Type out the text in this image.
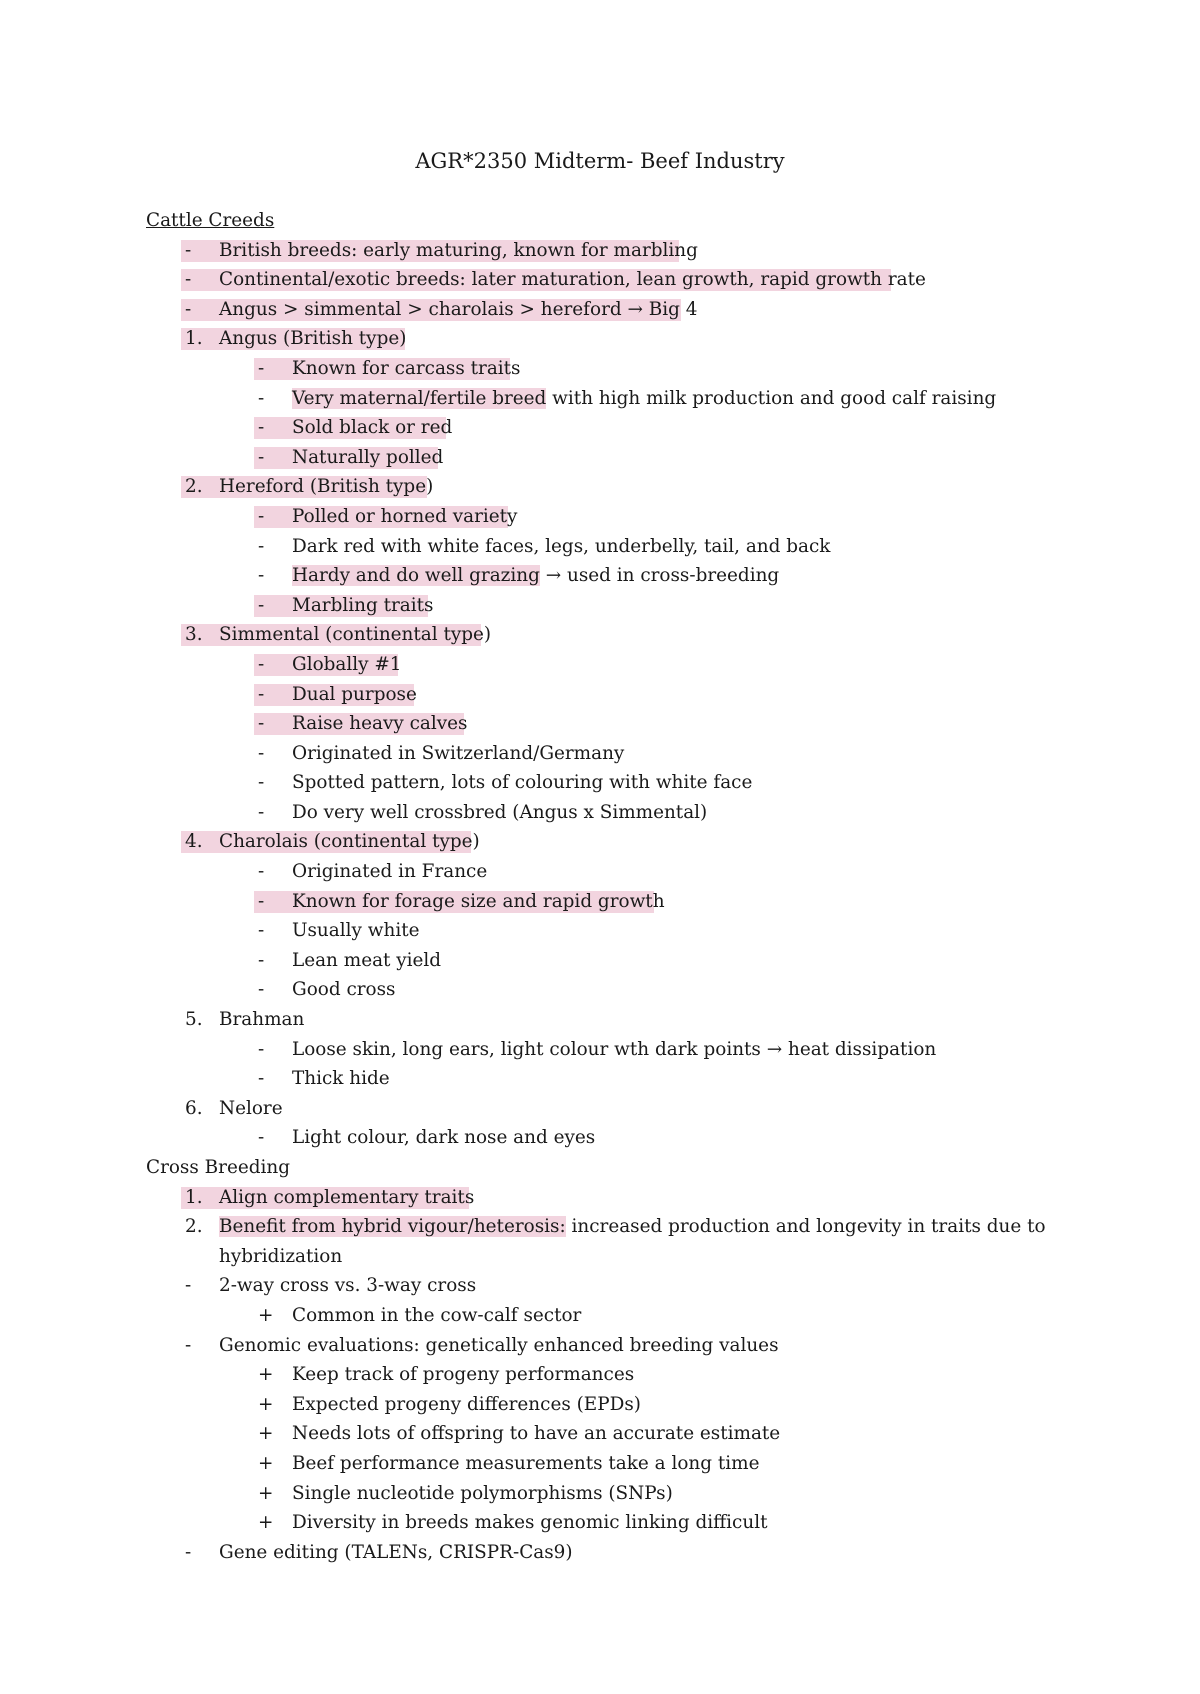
AGR*2350 Midterm- Beef Industry
Cattle Creeds
- British breeds: early maturing, known for marbling
- Continental/exotic breeds: later maturation, lean growth, rapid growth rate
- Angus > simmental > charolais > hereford → Big 4
1. Angus (British type)
- Known for carcass traits
- Very maternal/fertile breed with high milk production and good calf raising
- Sold black or red
- Naturally polled
2. Hereford (British type)
- Polled or horned variety
- Dark red with white faces, legs, underbelly, tail, and back
- Hardy and do well grazing → used in cross-breeding
- Marbling traits
3. Simmental (continental type)
- Globally #1
- Dual purpose
- Raise heavy calves
- Originated in Switzerland/Germany
- Spotted pattern, lots of colouring with white face
- Do very well crossbred (Angus x Simmental)
4. Charolais (continental type)
- Originated in France
- Known for forage size and rapid growth
- Usually white
- Lean meat yield
- Good cross
5. Brahman
- Loose skin, long ears, light colour wth dark points → heat dissipation
- Thick hide
6. Nelore
- Light colour, dark nose and eyes
Cross Breeding
1. Align complementary traits
2. Benefit from hybrid vigour/heterosis: increased production and longevity in traits due to
hybridization
- 2-way cross vs. 3-way cross
+ Common in the cow-calf sector
- Genomic evaluations: genetically enhanced breeding values
+ Keep track of progeny performances
+ Expected progeny differences (EPDs)
+ Needs lots of offspring to have an accurate estimate
+ Beef performance measurements take a long time
+ Single nucleotide polymorphisms (SNPs)
+ Diversity in breeds makes genomic linking difficult
- Gene editing (TALENs, CRISPR-Cas9)
